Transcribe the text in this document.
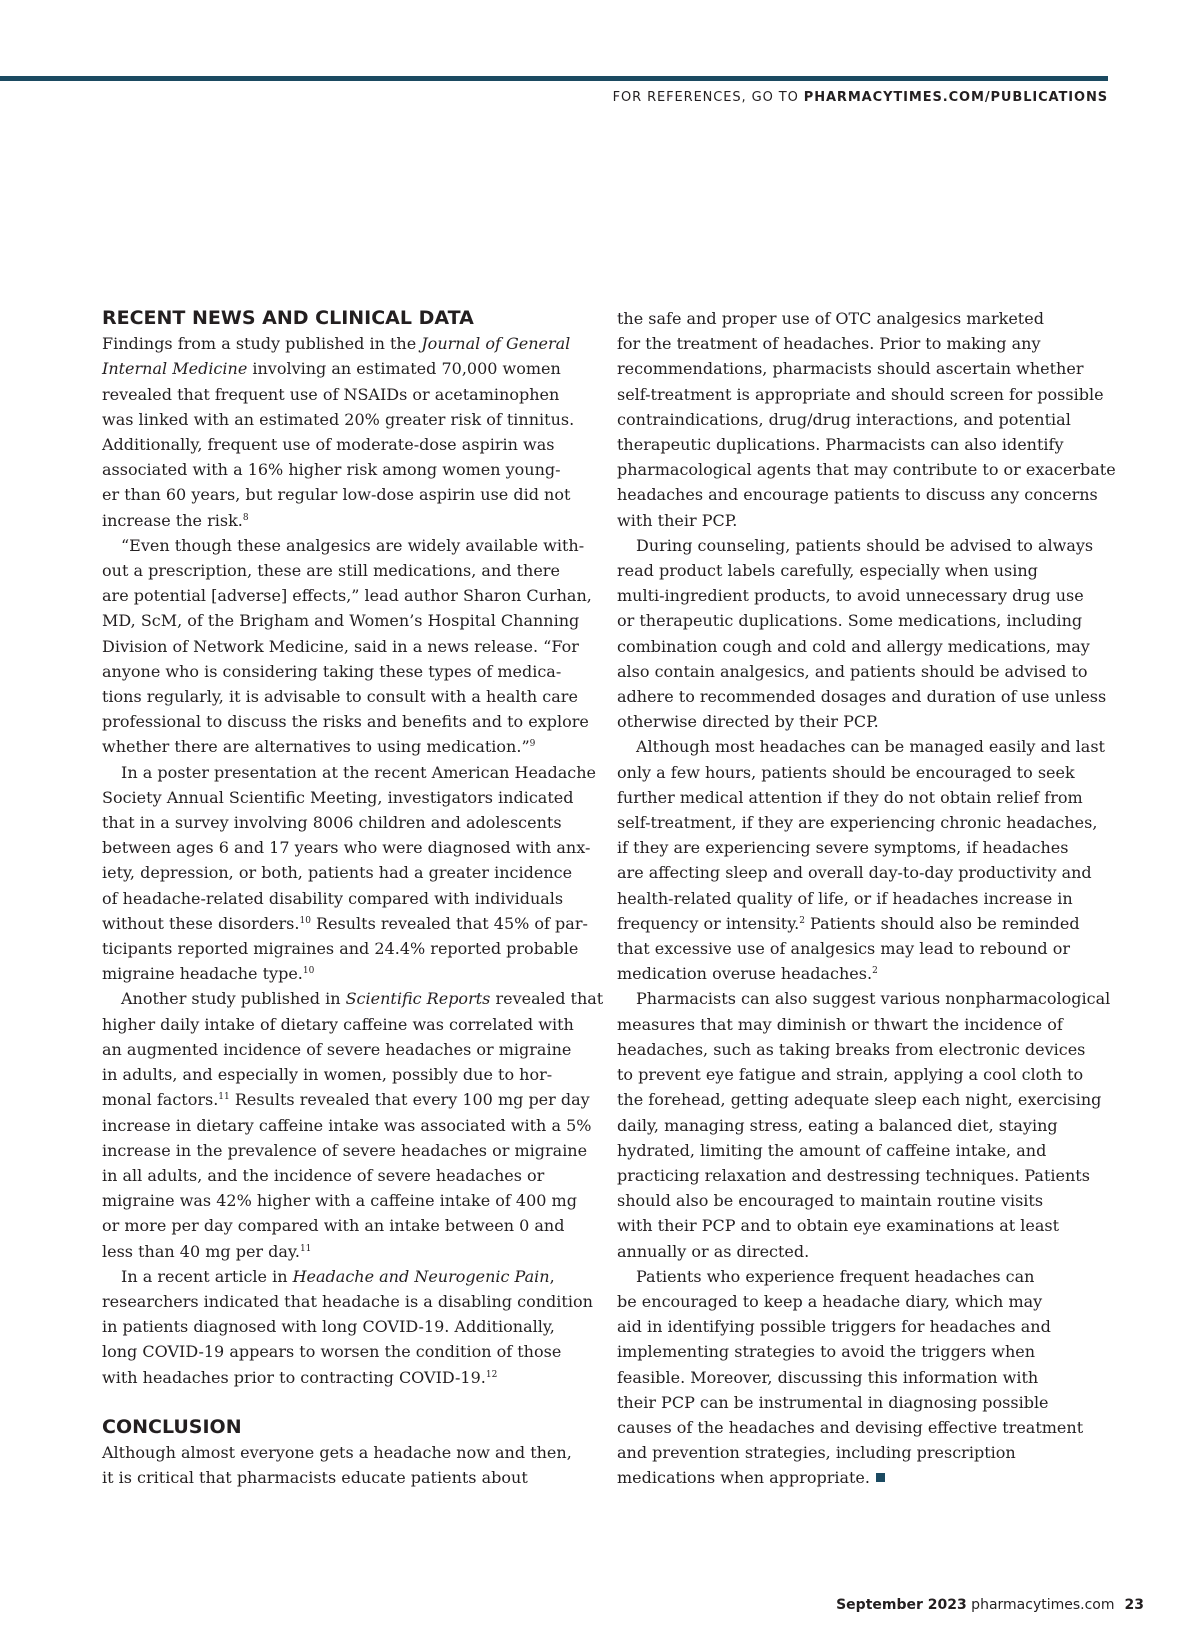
FOR REFERENCES, GO TO PHARMACYTIMES.COM/PUBLICATIONS
RECENT NEWS AND CLINICAL DATA

Findings from a study published in the Journal of General
Internal Medicine involving an estimated 70,000 women
revealed that frequent use of NSAIDs or acetaminophen
was linked with an estimated 20% greater risk of tinnitus.
Additionally, frequent use of moderate-dose aspirin was
associated with a 16% higher risk among women young-
er than 60 years, but regular low-dose aspirin use did not
increase the risk.$^8$

“Even though these analgesics are widely available with-
out a prescription, these are still medications, and there
are potential [adverse] effects,” lead author Sharon Curhan,
MD, ScM, of the Brigham and Women’s Hospital Channing
Division of Network Medicine, said in a news release. “For
anyone who is considering taking these types of medica-
tions regularly, it is advisable to consult with a health care
professional to discuss the risks and benefits and to explore
whether there are alternatives to using medication.”$^9$

In a poster presentation at the recent American Headache
Society Annual Scientific Meeting, investigators indicated
that in a survey involving 8006 children and adolescents
between ages 6 and 17 years who were diagnosed with anx-
iety, depression, or both, patients had a greater incidence
of headache-related disability compared with individuals
without these disorders.$^{10}$ Results revealed that 45% of par-
ticipants reported migraines and 24.4% reported probable
migraine headache type.$^{10}$

Another study published in Scientific Reports revealed that
higher daily intake of dietary caffeine was correlated with
an augmented incidence of severe headaches or migraine
in adults, and especially in women, possibly due to hor-
monal factors.$^{11}$ Results revealed that every 100 mg per day
increase in dietary caffeine intake was associated with a 5%
increase in the prevalence of severe headaches or migraine
in all adults, and the incidence of severe headaches or
migraine was 42% higher with a caffeine intake of 400 mg
or more per day compared with an intake between 0 and
less than 40 mg per day.$^{11}$

In a recent article in Headache and Neurogenic Pain,
researchers indicated that headache is a disabling condition
in patients diagnosed with long COVID-19. Additionally,
long COVID-19 appears to worsen the condition of those
with headaches prior to contracting COVID-19.12

CONCLUSION

Although almost everyone gets a headache now and then,
it is critical that pharmacists educate patients about

the safe and proper use of OTC analgesics marketed
for the treatment of headaches. Prior to making any
recommendations, pharmacists should ascertain whether
self-treatment is appropriate and should screen for possible
contraindications, drug/drug interactions, and potential
therapeutic duplications. Pharmacists can also identify
pharmacological agents that may contribute to or exacerbate
headaches and encourage patients to discuss any concerns
with their PCP.

During counseling, patients should be advised to always
read product labels carefully, especially when using
multi-ingredient products, to avoid unnecessary drug use
or therapeutic duplications. Some medications, including
combination cough and cold and allergy medications, may
also contain analgesics, and patients should be advised to
adhere to recommended dosages and duration of use unless
otherwise directed by their PCP.

Although most headaches can be managed easily and last
only a few hours, patients should be encouraged to seek
further medical attention if they do not obtain relief from
self-treatment, if they are experiencing chronic headaches,
if they are experiencing severe symptoms, if headaches
are affecting sleep and overall day-to-day productivity and
health-related quality of life, or if headaches increase in
frequency or intensity.$^2$ Patients should also be reminded
that excessive use of analgesics may lead to rebound or
medication overuse headaches.$^2$

Pharmacists can also suggest various nonpharmacological
measures that may diminish or thwart the incidence of
headaches, such as taking breaks from electronic devices
to prevent eye fatigue and strain, applying a cool cloth to
the forehead, getting adequate sleep each night, exercising
daily, managing stress, eating a balanced diet, staying
hydrated, limiting the amount of caffeine intake, and
practicing relaxation and destressing techniques. Patients
should also be encouraged to maintain routine visits
with their PCP and to obtain eye examinations at least
annually or as directed.

Patients who experience frequent headaches can
be encouraged to keep a headache diary, which may
aid in identifying possible triggers for headaches and
implementing strategies to avoid the triggers when
feasible. Moreover, discussing this information with
their PCP can be instrumental in diagnosing possible
causes of the headaches and devising effective treatment
and prevention strategies, including prescription
medications when appropriate.

September 2023 pharmacytimes.com 23
